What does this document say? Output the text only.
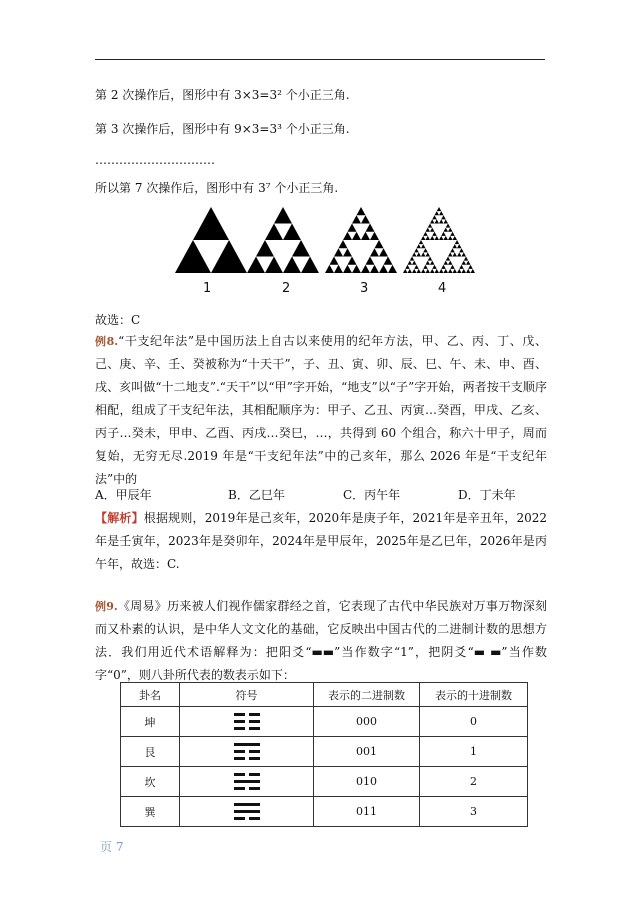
第 2 次操作后，图形中有 3×3=3² 个小正三角.
第 3 次操作后，图形中有 9×3=3³ 个小正三角.
…………………………
所以第 7 次操作后，图形中有 3⁷ 个小正三角.
1	2	3	4
故选：C
例8.“干支纪年法”是中国历法上自古以来使用的纪年方法，甲、乙、丙、丁、戊、己、庚、辛、壬、癸被称为“十天干”，子、丑、寅、卯、辰、巳、午、未、申、酉、戌、亥叫做“十二地支”.“天干”以“甲”字开始，“地支”以“子”字开始，两者按干支顺序相配，组成了干支纪年法，其相配顺序为：甲子、乙丑、丙寅…癸酉，甲戌、乙亥、丙子…癸未，甲申、乙酉、丙戌…癸巳，…，共得到 60 个组合，称六十甲子，周而复始，无穷无尽.2019 年是“干支纪年法”中的己亥年，那么 2026 年是“干支纪年法”中的
A．甲辰年	B．乙巳年	C．丙午年	D．丁未年
【解析】根据规则，2019年是己亥年，2020年是庚子年，2021年是辛丑年，2022年是壬寅年，2023年是癸卯年，2024年是甲辰年，2025年是乙巳年，2026年是丙午年，故选：C.
例9.《周易》历来被人们视作儒家群经之首，它表现了古代中华民族对万事万物深刻而又朴素的认识，是中华人文文化的基础，它反映出中国古代的二进制计数的思想方法．我们用近代术语解释为：把阳爻“▬▬”当作数字“1”，把阴爻“▬ ▬”当作数字“0”，则八卦所代表的数表示如下：
卦名	符号	表示的二进制数	表示的十进制数
坤		000	0
艮		001	1
坎		010	2
巽		011	3
页 7
